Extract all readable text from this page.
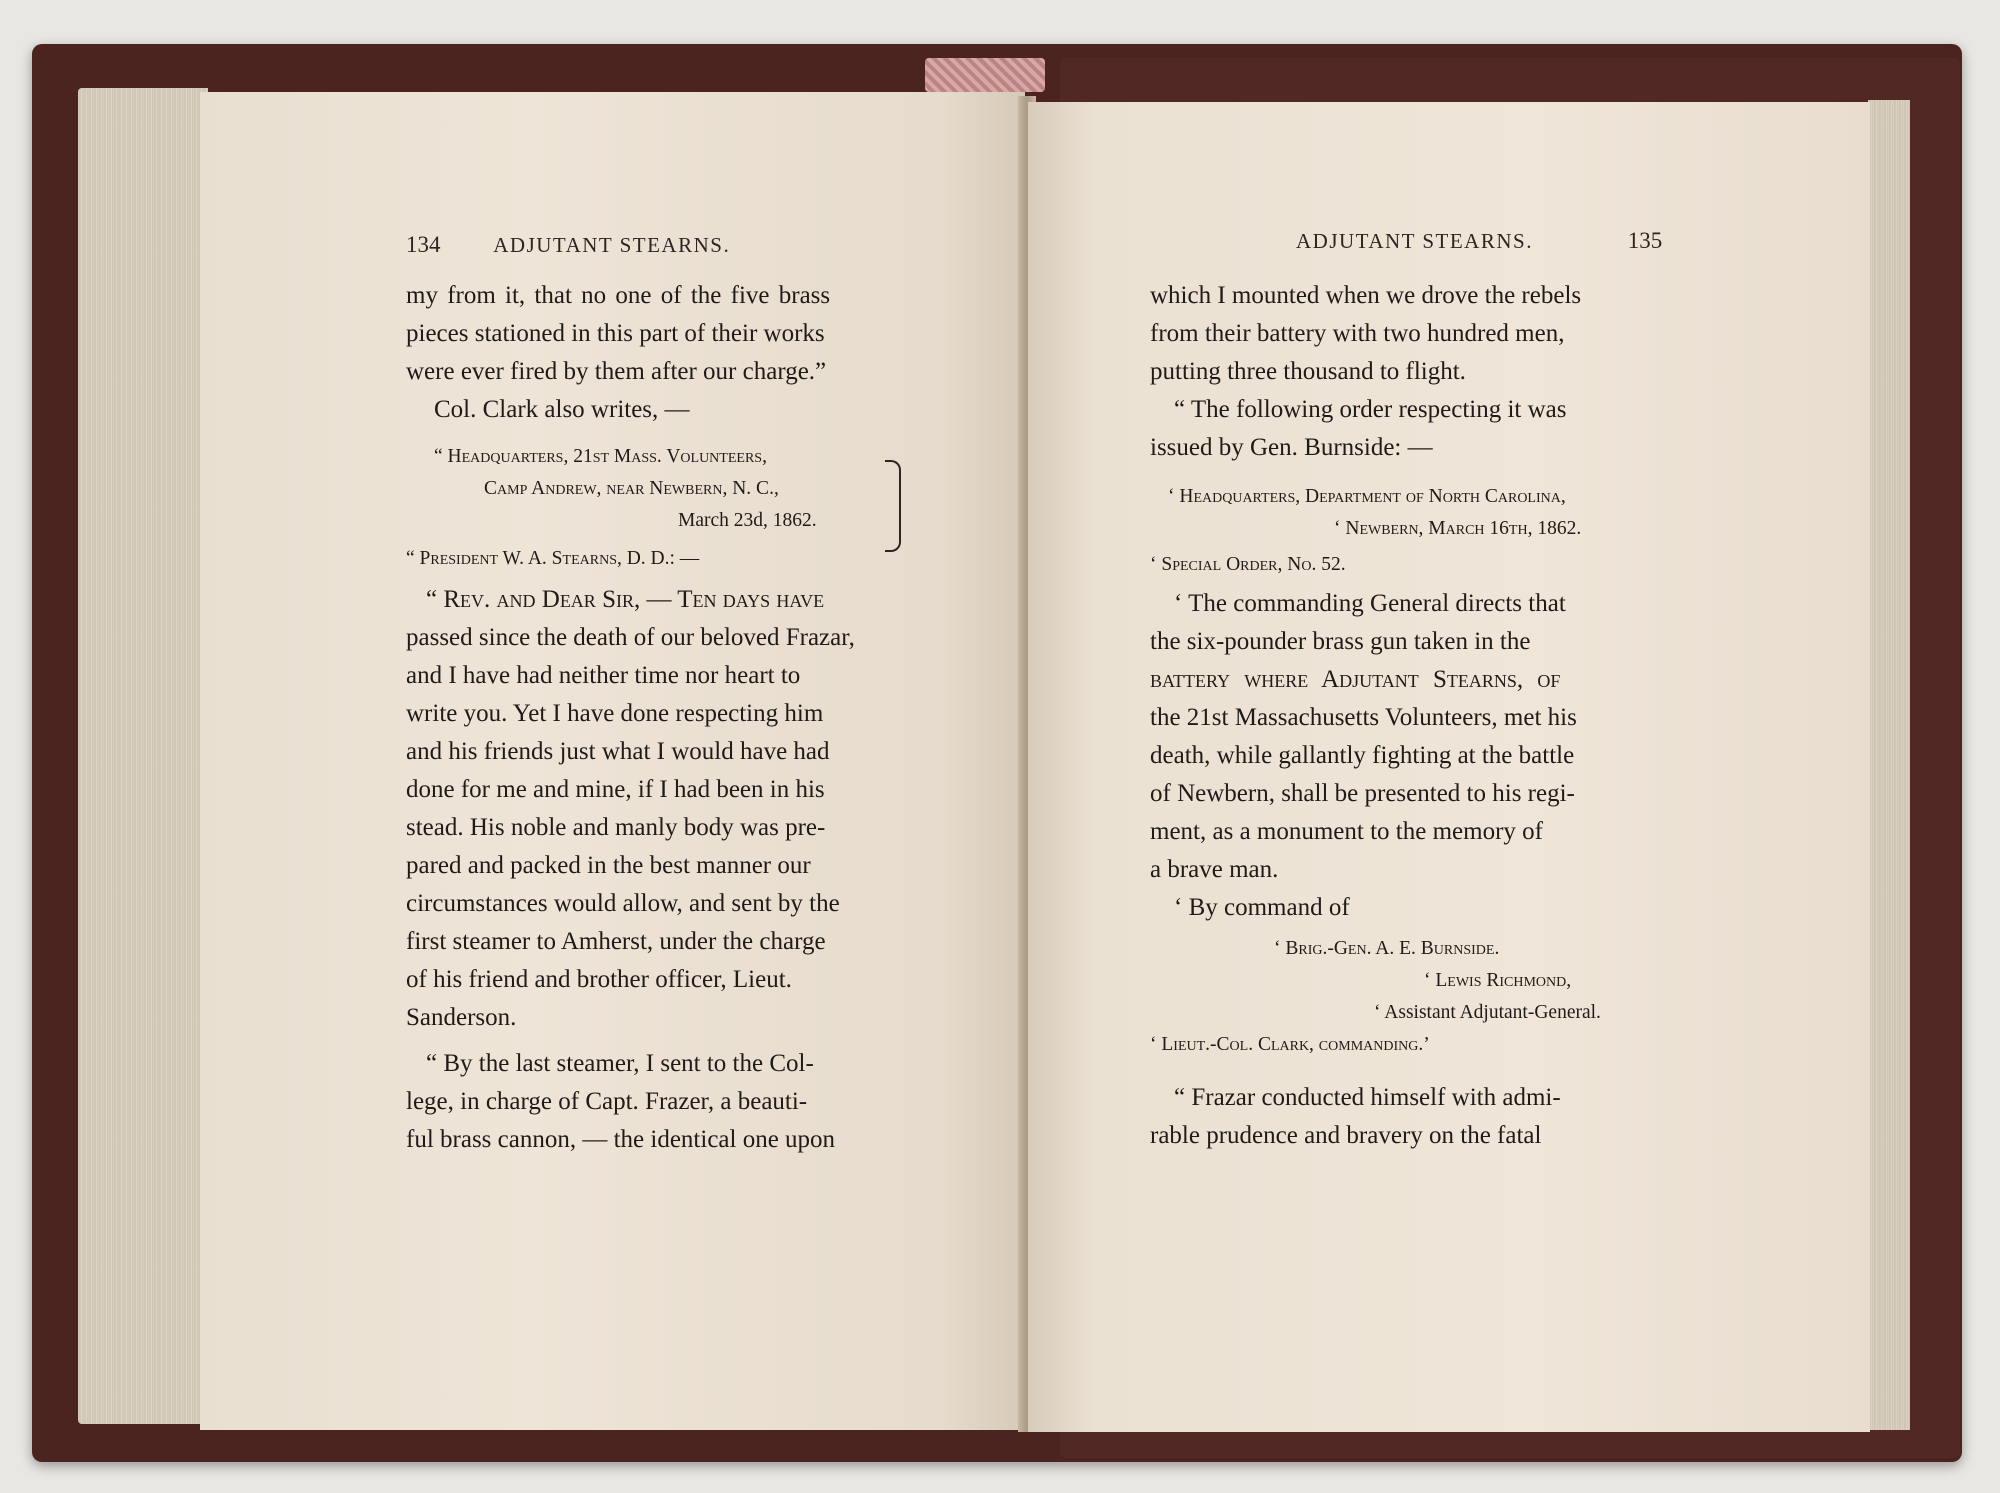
134	ADJUTANT STEARNS.
my from it, that no one of the five brass
pieces stationed in this part of their works
were ever fired by them after our charge.”
Col. Clark also writes, —
“ Headquarters, 21st Mass. Volunteers,
Camp Andrew, near Newbern, N. C.,
March 23d, 1862.
“ President W. A. Stearns, D. D.: —
“ Rev. and Dear Sir, — Ten days have
passed since the death of our beloved Frazar,
and I have had neither time nor heart to
write you. Yet I have done respecting him
and his friends just what I would have had
done for me and mine, if I had been in his
stead. His noble and manly body was pre-
pared and packed in the best manner our
circumstances would allow, and sent by the
first steamer to Amherst, under the charge
of his friend and brother officer, Lieut.
Sanderson.
“ By the last steamer, I sent to the Col-
lege, in charge of Capt. Frazer, a beauti-
ful brass cannon, — the identical one upon
ADJUTANT STEARNS.	135
which I mounted when we drove the rebels
from their battery with two hundred men,
putting three thousand to flight.
“ The following order respecting it was
issued by Gen. Burnside: —
‘ Headquarters, Department of North Carolina,
‘ Newbern, March 16th, 1862.
‘ Special Order, No. 52.
‘ The commanding General directs that
the six-pounder brass gun taken in the
battery where Adjutant Stearns, of
the 21st Massachusetts Volunteers, met his
death, while gallantly fighting at the battle
of Newbern, shall be presented to his regi-
ment, as a monument to the memory of
a brave man.
‘ By command of
‘ Brig.-Gen. A. E. Burnside.
‘ Lewis Richmond,
‘ Assistant Adjutant-General.
‘ Lieut.-Col. Clark, commanding.’
“ Frazar conducted himself with admi-
rable prudence and bravery on the fatal
